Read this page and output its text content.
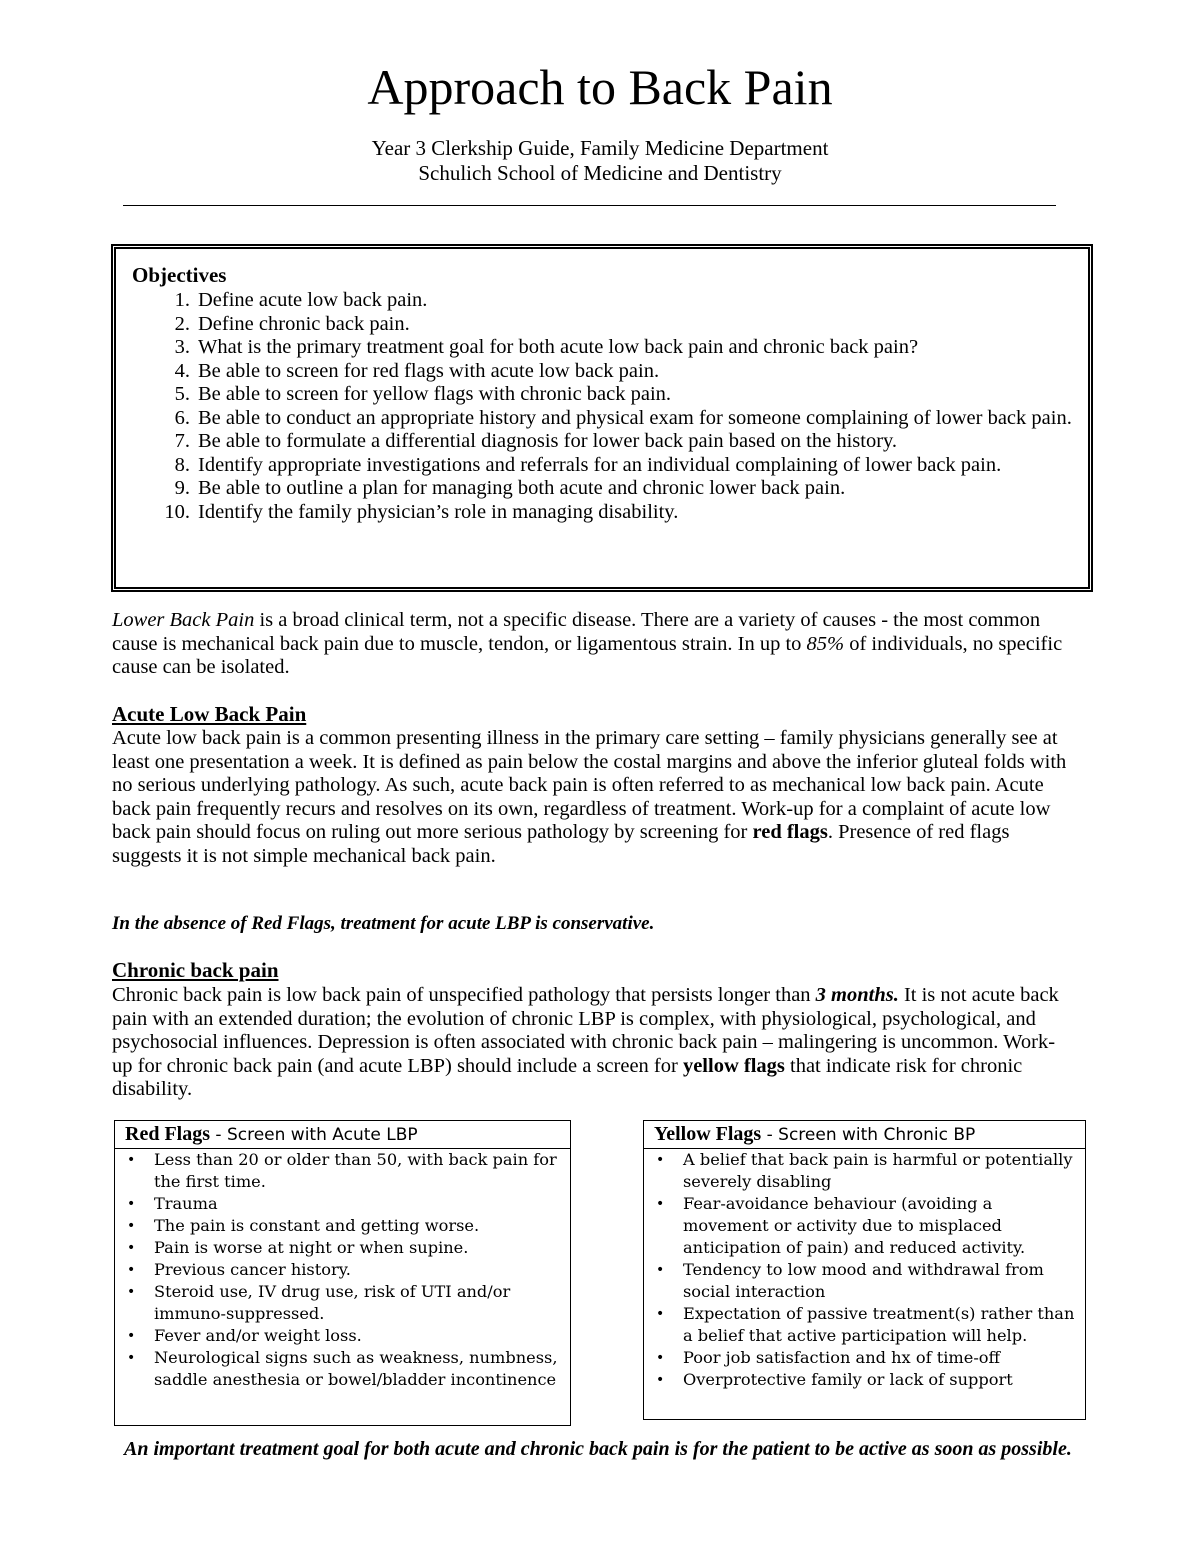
Approach to Back Pain
Year 3 Clerkship Guide, Family Medicine Department
Schulich School of Medicine and Dentistry
Objectives
1. Define acute low back pain.
2. Define chronic back pain.
3. What is the primary treatment goal for both acute low back pain and chronic back pain?
4. Be able to screen for red flags with acute low back pain.
5. Be able to screen for yellow flags with chronic back pain.
6. Be able to conduct an appropriate history and physical exam for someone complaining of lower back pain.
7. Be able to formulate a differential diagnosis for lower back pain based on the history.
8. Identify appropriate investigations and referrals for an individual complaining of lower back pain.
9. Be able to outline a plan for managing both acute and chronic lower back pain.
10. Identify the family physician’s role in managing disability.
Lower Back Pain is a broad clinical term, not a specific disease. There are a variety of causes - the most common cause is mechanical back pain due to muscle, tendon, or ligamentous strain. In up to 85% of individuals, no specific cause can be isolated.
Acute Low Back Pain
Acute low back pain is a common presenting illness in the primary care setting – family physicians generally see at least one presentation a week. It is defined as pain below the costal margins and above the inferior gluteal folds with no serious underlying pathology. As such, acute back pain is often referred to as mechanical low back pain. Acute back pain frequently recurs and resolves on its own, regardless of treatment. Work-up for a complaint of acute low back pain should focus on ruling out more serious pathology by screening for red flags. Presence of red flags suggests it is not simple mechanical back pain.
In the absence of Red Flags, treatment for acute LBP is conservative.
Chronic back pain
Chronic back pain is low back pain of unspecified pathology that persists longer than 3 months. It is not acute back pain with an extended duration; the evolution of chronic LBP is complex, with physiological, psychological, and psychosocial influences. Depression is often associated with chronic back pain – malingering is uncommon. Work-up for chronic back pain (and acute LBP) should include a screen for yellow flags that indicate risk for chronic disability.
Red Flags - Screen with Acute LBP
• Less than 20 or older than 50, with back pain for the first time.
• Trauma
• The pain is constant and getting worse.
• Pain is worse at night or when supine.
• Previous cancer history.
• Steroid use, IV drug use, risk of UTI and/or immuno-suppressed.
• Fever and/or weight loss.
• Neurological signs such as weakness, numbness, saddle anesthesia or bowel/bladder incontinence
Yellow Flags - Screen with Chronic BP
• A belief that back pain is harmful or potentially severely disabling
• Fear-avoidance behaviour (avoiding a movement or activity due to misplaced anticipation of pain) and reduced activity.
• Tendency to low mood and withdrawal from social interaction
• Expectation of passive treatment(s) rather than a belief that active participation will help.
• Poor job satisfaction and hx of time-off
• Overprotective family or lack of support
An important treatment goal for both acute and chronic back pain is for the patient to be active as soon as possible.
